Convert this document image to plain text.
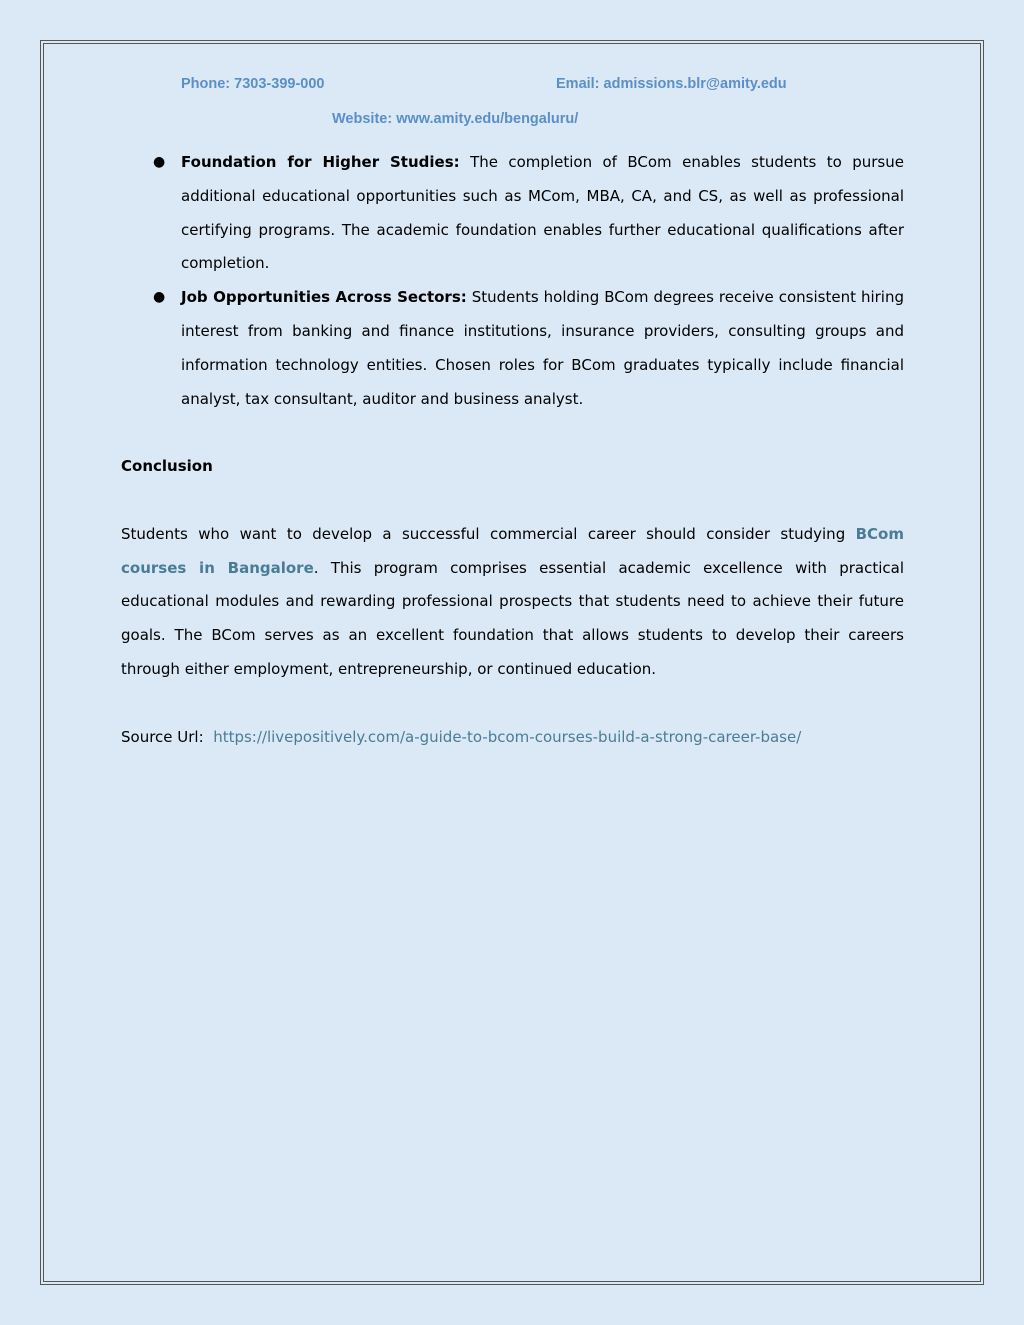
Phone: 7303-399-000	Email: admissions.blr@amity.edu
Website: www.amity.edu/bengaluru/
● Foundation for Higher Studies: The completion of BCom enables students to pursue additional educational opportunities such as MCom, MBA, CA, and CS, as well as professional certifying programs. The academic foundation enables further educational qualifications after completion.
● Job Opportunities Across Sectors: Students holding BCom degrees receive consistent hiring interest from banking and finance institutions, insurance providers, consulting groups and information technology entities. Chosen roles for BCom graduates typically include financial analyst, tax consultant, auditor and business analyst.
Conclusion
Students who want to develop a successful commercial career should consider studying BCom courses in Bangalore. This program comprises essential academic excellence with practical educational modules and rewarding professional prospects that students need to achieve their future goals. The BCom serves as an excellent foundation that allows students to develop their careers through either employment, entrepreneurship, or continued education.
Source Url: https://livepositively.com/a-guide-to-bcom-courses-build-a-strong-career-base/
